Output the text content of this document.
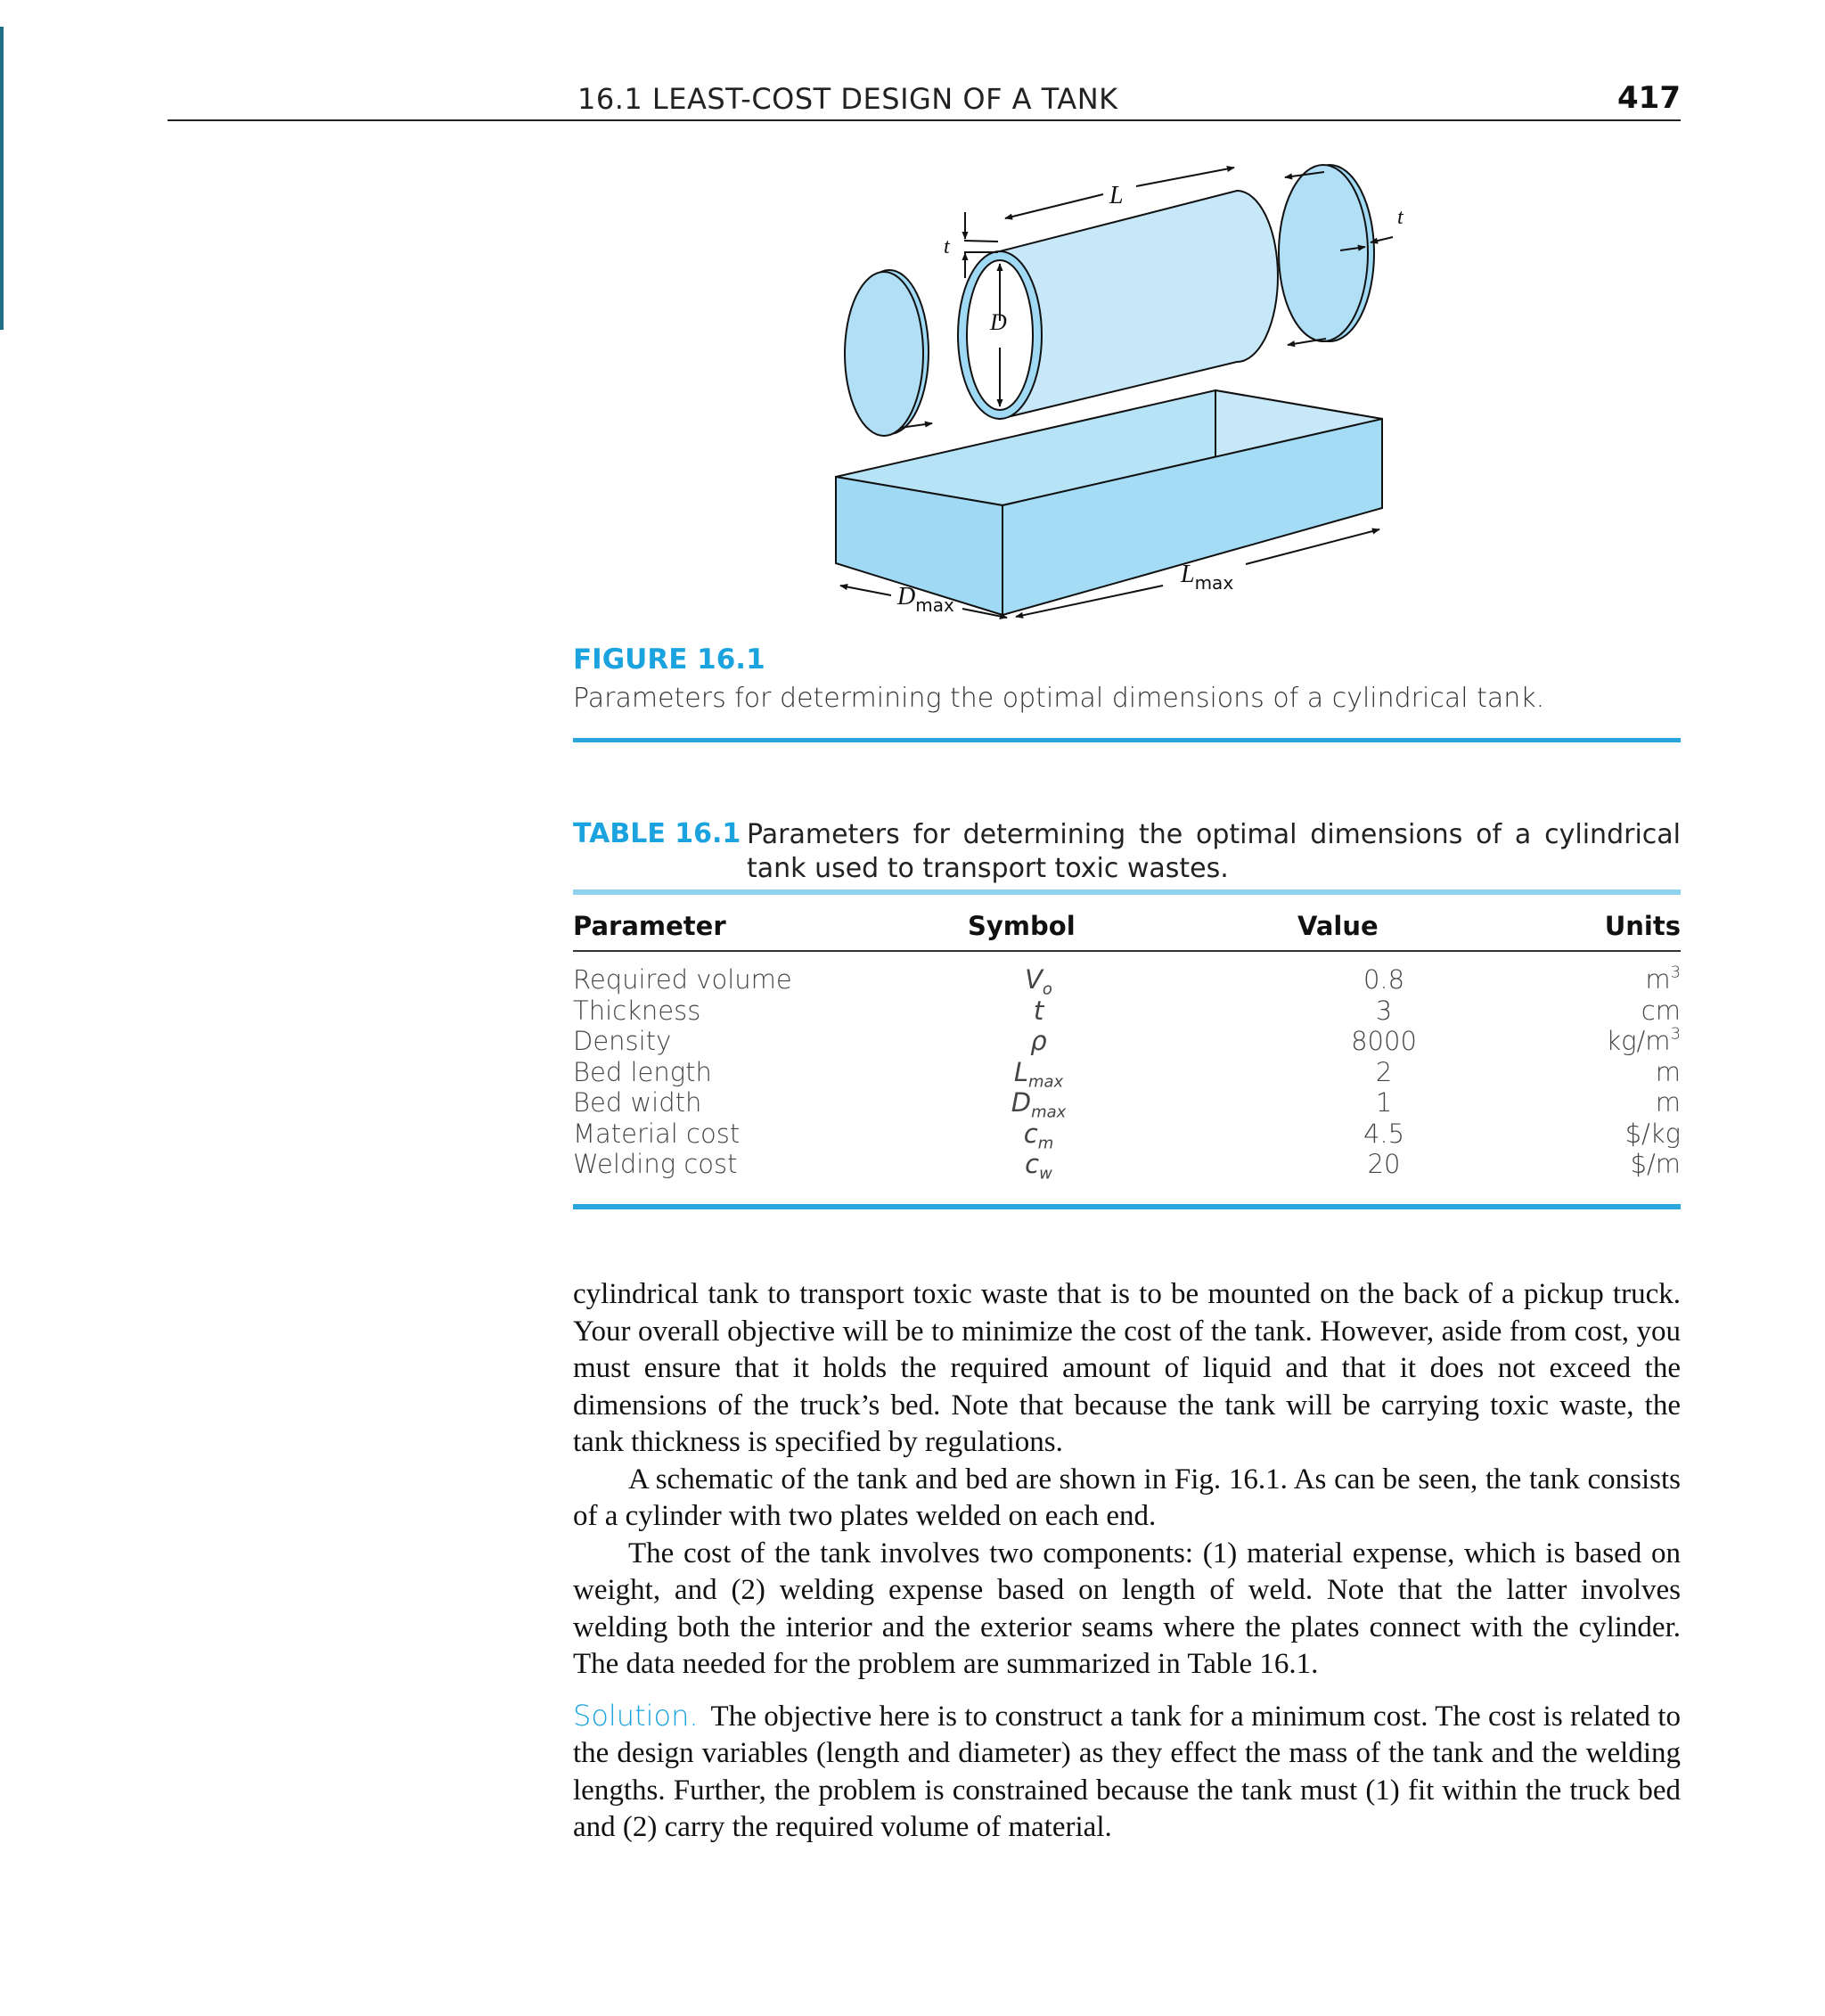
16.1 LEAST-COST DESIGN OF A TANK	417
L
t
t
D
$L_{max}$
$D_{max}$
FIGURE 16.1
Parameters for determining the optimal dimensions of a cylindrical tank.
TABLE 16.1 Parameters for determining the optimal dimensions of a cylindrical tank used to transport toxic wastes.
Parameter	Symbol	Value	Units
Required volume	$V_o$	0.8	$m^3$
Thickness	t	3	cm
Density	ρ	8000	$kg/m^3$
Bed length	$L_{max}$	2	m
Bed width	$D_{max}$	1	m
Material cost	$c_m$	4.5	$/kg
Welding cost	$c_w$	20	$/m

cylindrical tank to transport toxic waste that is to be mounted on the back of a pickup truck. Your overall objective will be to minimize the cost of the tank. However, aside from cost, you must ensure that it holds the required amount of liquid and that it does not exceed the dimensions of the truck’s bed. Note that because the tank will be carrying toxic waste, the tank thickness is specified by regulations.

A schematic of the tank and bed are shown in Fig. 16.1. As can be seen, the tank consists of a cylinder with two plates welded on each end.

The cost of the tank involves two components: (1) material expense, which is based on weight, and (2) welding expense based on length of weld. Note that the latter involves welding both the interior and the exterior seams where the plates connect with the cylinder. The data needed for the problem are summarized in Table 16.1.

Solution. The objective here is to construct a tank for a minimum cost. The cost is related to the design variables (length and diameter) as they effect the mass of the tank and the welding lengths. Further, the problem is constrained because the tank must (1) fit within the truck bed and (2) carry the required volume of material.
